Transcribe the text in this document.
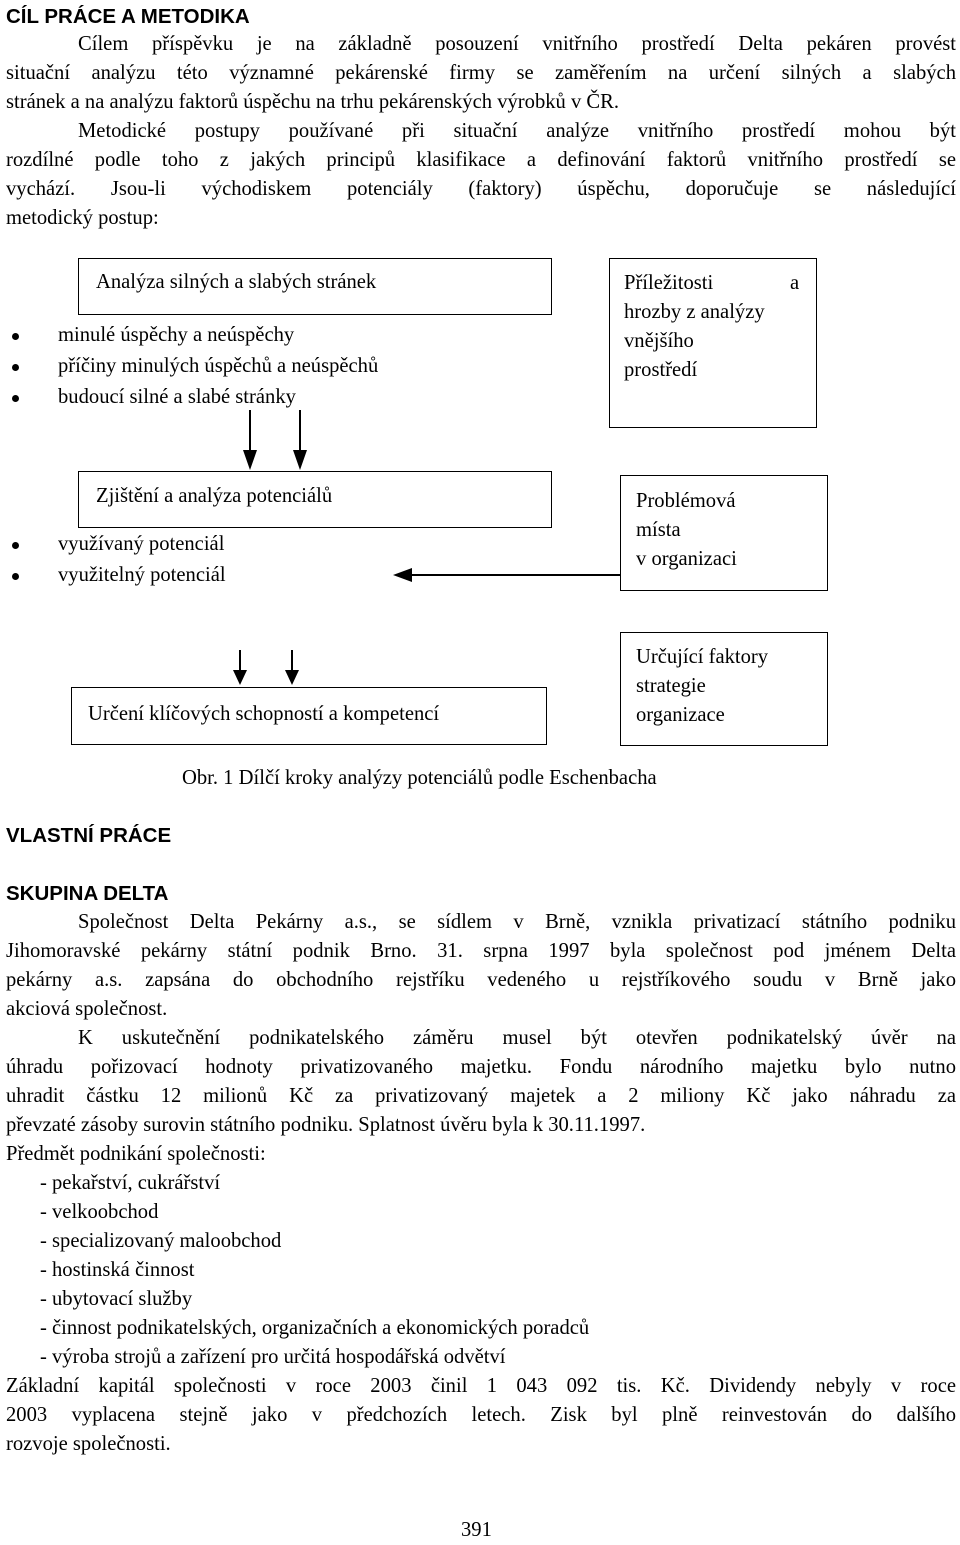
CÍL PRÁCE A METODIKA
Cílem příspěvku je na základně posouzení vnitřního prostředí Delta pekáren provést
situační analýzu této významné pekárenské firmy se zaměřením na určení silných a slabých
stránek a na analýzu faktorů úspěchu na trhu pekárenských výrobků v ČR.
Metodické postupy používané při situační analýze vnitřního prostředí mohou být
rozdílné podle toho z jakých principů klasifikace a definování faktorů vnitřního prostředí se
vychází. Jsou-li východiskem potenciály (faktory) úspěchu, doporučuje se následující
metodický postup:
Analýza silných a slabých stránek
minulé úspěchy a neúspěchy
příčiny minulých úspěchů a neúspěchů
budoucí silné a slabé stránky
Příležitosti	a
hrozby z analýzy
vnějšího
prostředí
Zjištění a analýza potenciálů
využívaný potenciál
využitelný potenciál
Problémová
místa
v organizaci
Určení klíčových schopností a kompetencí
Určující faktory
strategie
organizace
Obr. 1 Dílčí kroky analýzy potenciálů podle Eschenbacha
VLASTNÍ PRÁCE
SKUPINA DELTA
Společnost Delta Pekárny a.s., se sídlem v Brně, vznikla privatizací státního podniku
Jihomoravské pekárny státní podnik Brno. 31. srpna 1997 byla společnost pod jménem Delta
pekárny a.s. zapsána do obchodního rejstříku vedeného u rejstříkového soudu v Brně jako
akciová společnost.
K uskutečnění podnikatelského záměru musel být otevřen podnikatelský úvěr na
úhradu pořizovací hodnoty privatizovaného majetku. Fondu národního majetku bylo nutno
uhradit částku 12 milionů Kč za privatizovaný majetek a 2 miliony Kč jako náhradu za
převzaté zásoby surovin státního podniku. Splatnost úvěru byla k 30.11.1997.
Předmět podnikání společnosti:
- pekařství, cukrářství
- velkoobchod
- specializovaný maloobchod
- hostinská činnost
- ubytovací služby
- činnost podnikatelských, organizačních a ekonomických poradců
- výroba strojů a zařízení pro určitá hospodářská odvětví
Základní kapitál společnosti v roce 2003 činil 1 043 092 tis. Kč. Dividendy nebyly v roce
2003 vyplacena stejně jako v předchozích letech. Zisk byl plně reinvestován do dalšího
rozvoje společnosti.
391
